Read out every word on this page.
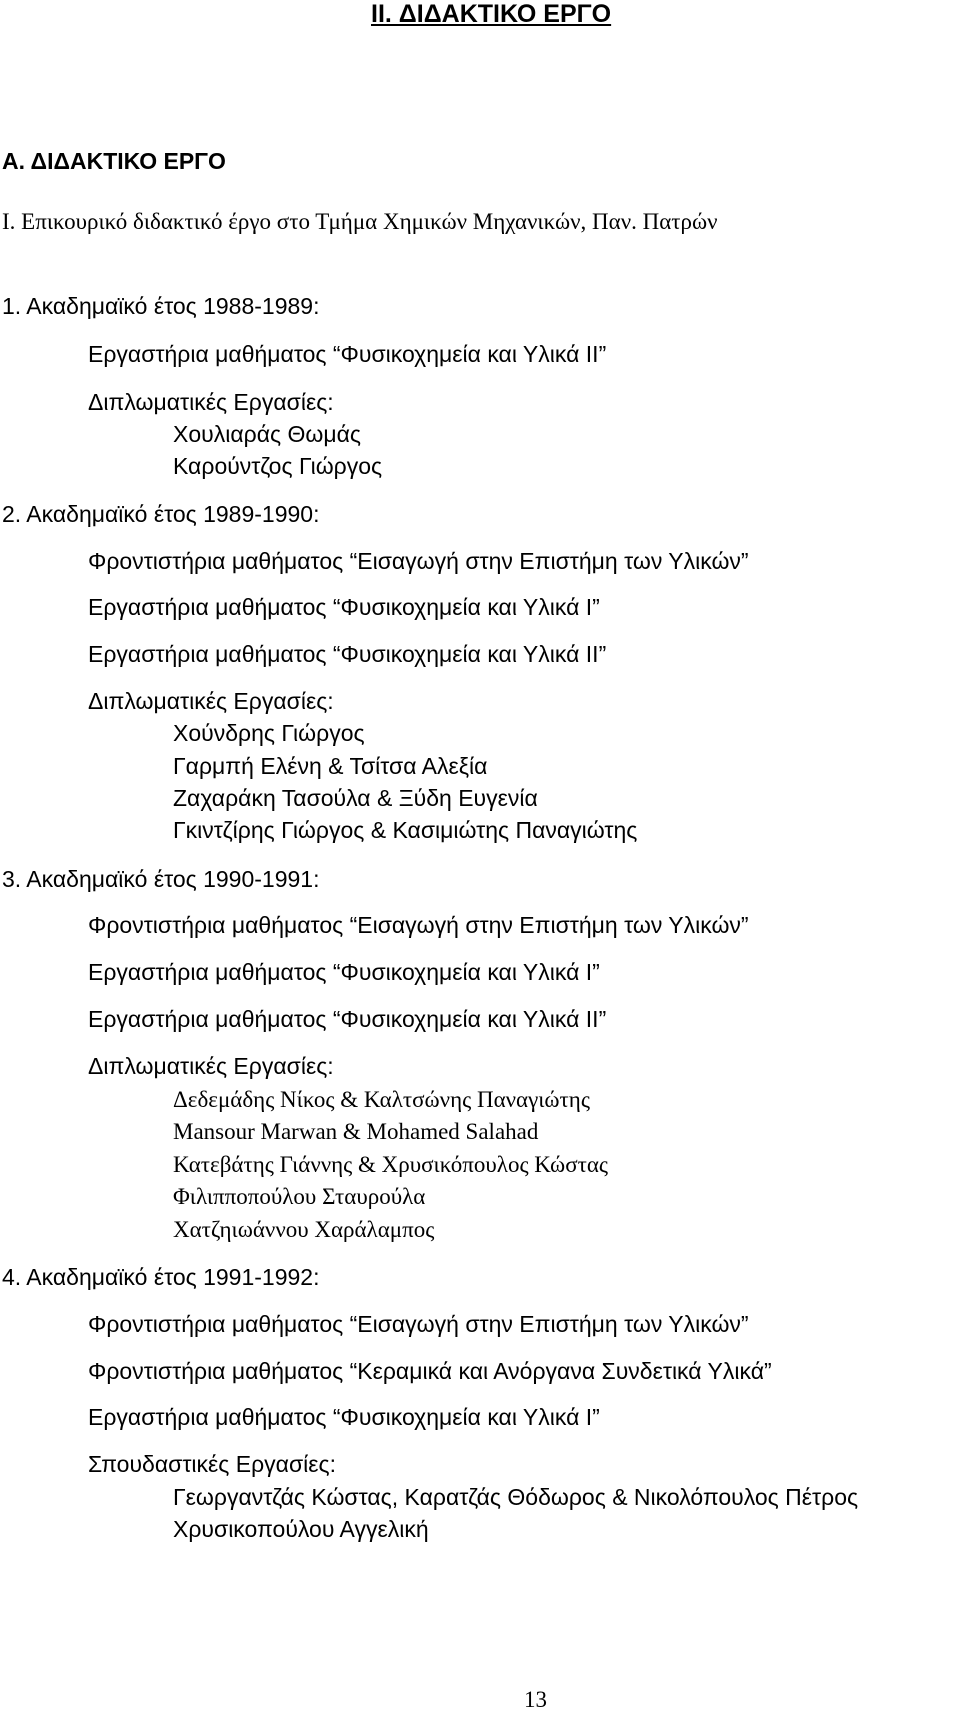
II. ΔΙΔΑΚΤΙΚΟ ΕΡΓΟ
Α. ΔΙΔΑΚΤΙΚΟ ΕΡΓΟ
Ι. Επικουρικό διδακτικό έργο στο Τμήμα Χημικών Μηχανικών, Παν. Πατρών
1. Ακαδημαϊκό έτος 1988-1989:
Εργαστήρια μαθήματος “Φυσικοχημεία και Υλικά ΙΙ”
Διπλωματικές Εργασίες:
Χουλιαράς Θωμάς
Καρούντζος Γιώργος
2. Ακαδημαϊκό έτος 1989-1990:
Φροντιστήρια μαθήματος “Εισαγωγή στην Επιστήμη των Υλικών”
Εργαστήρια μαθήματος “Φυσικοχημεία και Υλικά Ι”
Εργαστήρια μαθήματος “Φυσικοχημεία και Υλικά ΙΙ”
Διπλωματικές Εργασίες:
Χούνδρης Γιώργος
Γαρμπή Ελένη & Τσίτσα Αλεξία
Ζαχαράκη Τασούλα & Ξύδη Ευγενία
Γκιντζίρης Γιώργος & Κασιμιώτης Παναγιώτης
3. Ακαδημαϊκό έτος 1990-1991:
Φροντιστήρια μαθήματος “Εισαγωγή στην Επιστήμη των Υλικών”
Εργαστήρια μαθήματος “Φυσικοχημεία και Υλικά Ι”
Εργαστήρια μαθήματος “Φυσικοχημεία και Υλικά ΙΙ”
Διπλωματικές Εργασίες:
Δεδεμάδης Νίκος & Καλτσώνης Παναγιώτης
Mansour Marwan & Mohamed Salahad
Κατεβάτης Γιάννης & Χρυσικόπουλος Κώστας
Φιλιπποπούλου Σταυρούλα
Χατζηιωάννου Χαράλαμπος
4. Ακαδημαϊκό έτος 1991-1992:
Φροντιστήρια μαθήματος “Εισαγωγή στην Επιστήμη των Υλικών”
Φροντιστήρια μαθήματος “Κεραμικά και Ανόργανα Συνδετικά Υλικά”
Εργαστήρια μαθήματος “Φυσικοχημεία και Υλικά Ι”
Σπουδαστικές Εργασίες:
Γεωργαντζάς Κώστας, Καρατζάς Θόδωρος & Νικολόπουλος Πέτρος
Χρυσικοπούλου Αγγελική
13
